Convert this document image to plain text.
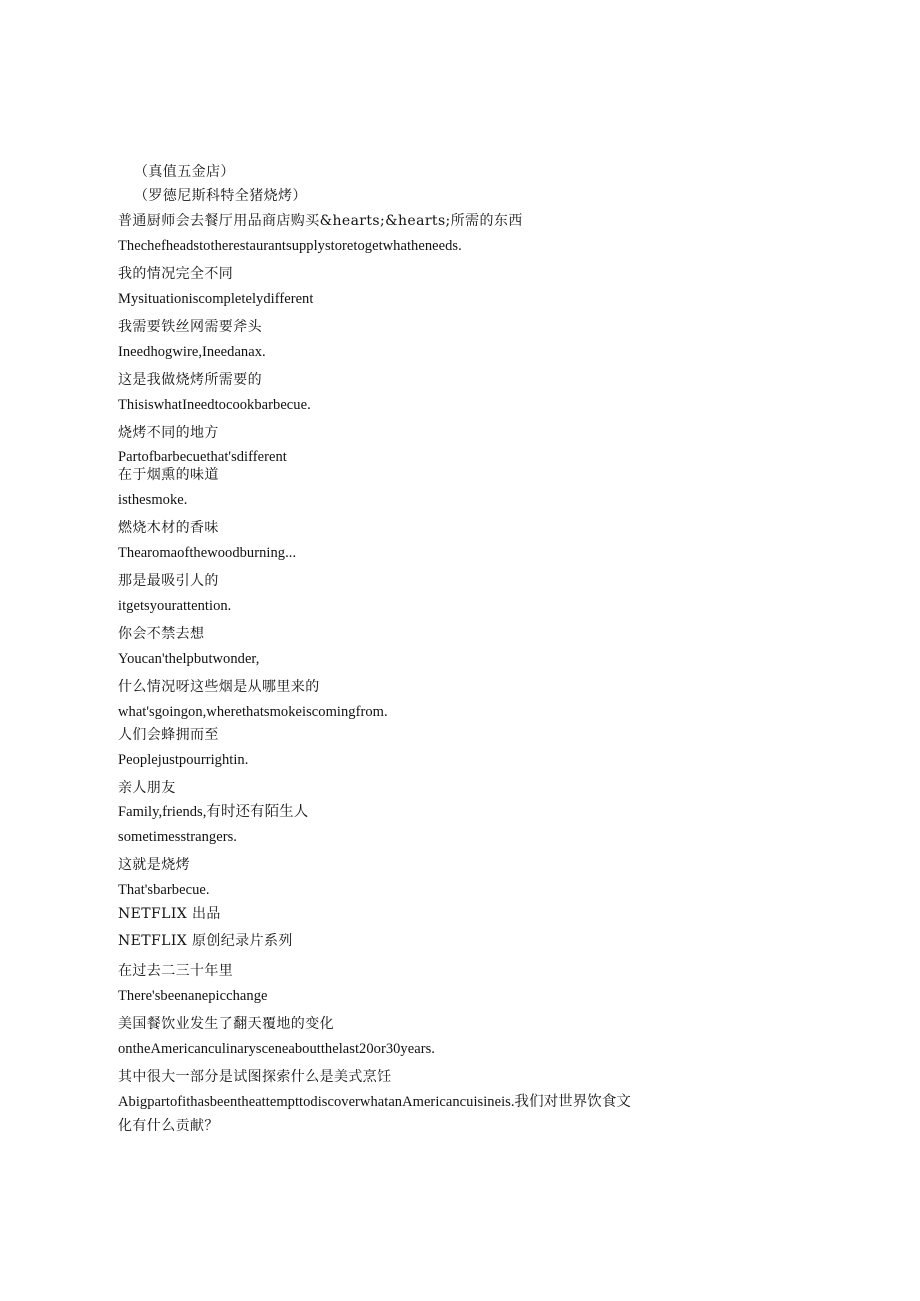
（真值五金店）

（罗德尼斯科特全猪烧烤）

普通厨师会去餐厅用品商店购买&hearts;&hearts;所需的东西

Thechefheadstotherestaurantsupplystoretogetwhatheneeds.

我的情况完全不同

Mysituationiscompletelydifferent

我需要铁丝网需要斧头

Ineedhogwire,Ineedanax.

这是我做烧烤所需要的

ThisiswhatIneedtocookbarbecue.

烧烤不同的地方

Partofbarbecuethat'sdifferent

在于烟熏的味道

isthesmoke.

燃烧木材的香味

Thearomaofthewoodburning...

那是最吸引人的

itgetsyourattention.

你会不禁去想

Youcan'thelpbutwonder,

什么情况呀这些烟是从哪里来的

what'sgoingon,wherethatsmokeiscomingfrom.

人们会蜂拥而至

Peoplejustpourrightin.

亲人朋友

Family,friends,有时还有陌生人

sometimesstrangers.

这就是烧烤

That'sbarbecue.

NETFLIX 出品

NETFLIX 原创纪录片系列

在过去二三十年里

There'sbeenanepicchange

美国餐饮业发生了翻天覆地的变化

ontheAmericanculinarysceneaboutthelast20or30years.

其中很大一部分是试图探索什么是美式烹饪

AbigpartofithasbeentheattempttodiscoverwhatanAmericancuisineis.我们对世界饮食文

化有什么贡献？
